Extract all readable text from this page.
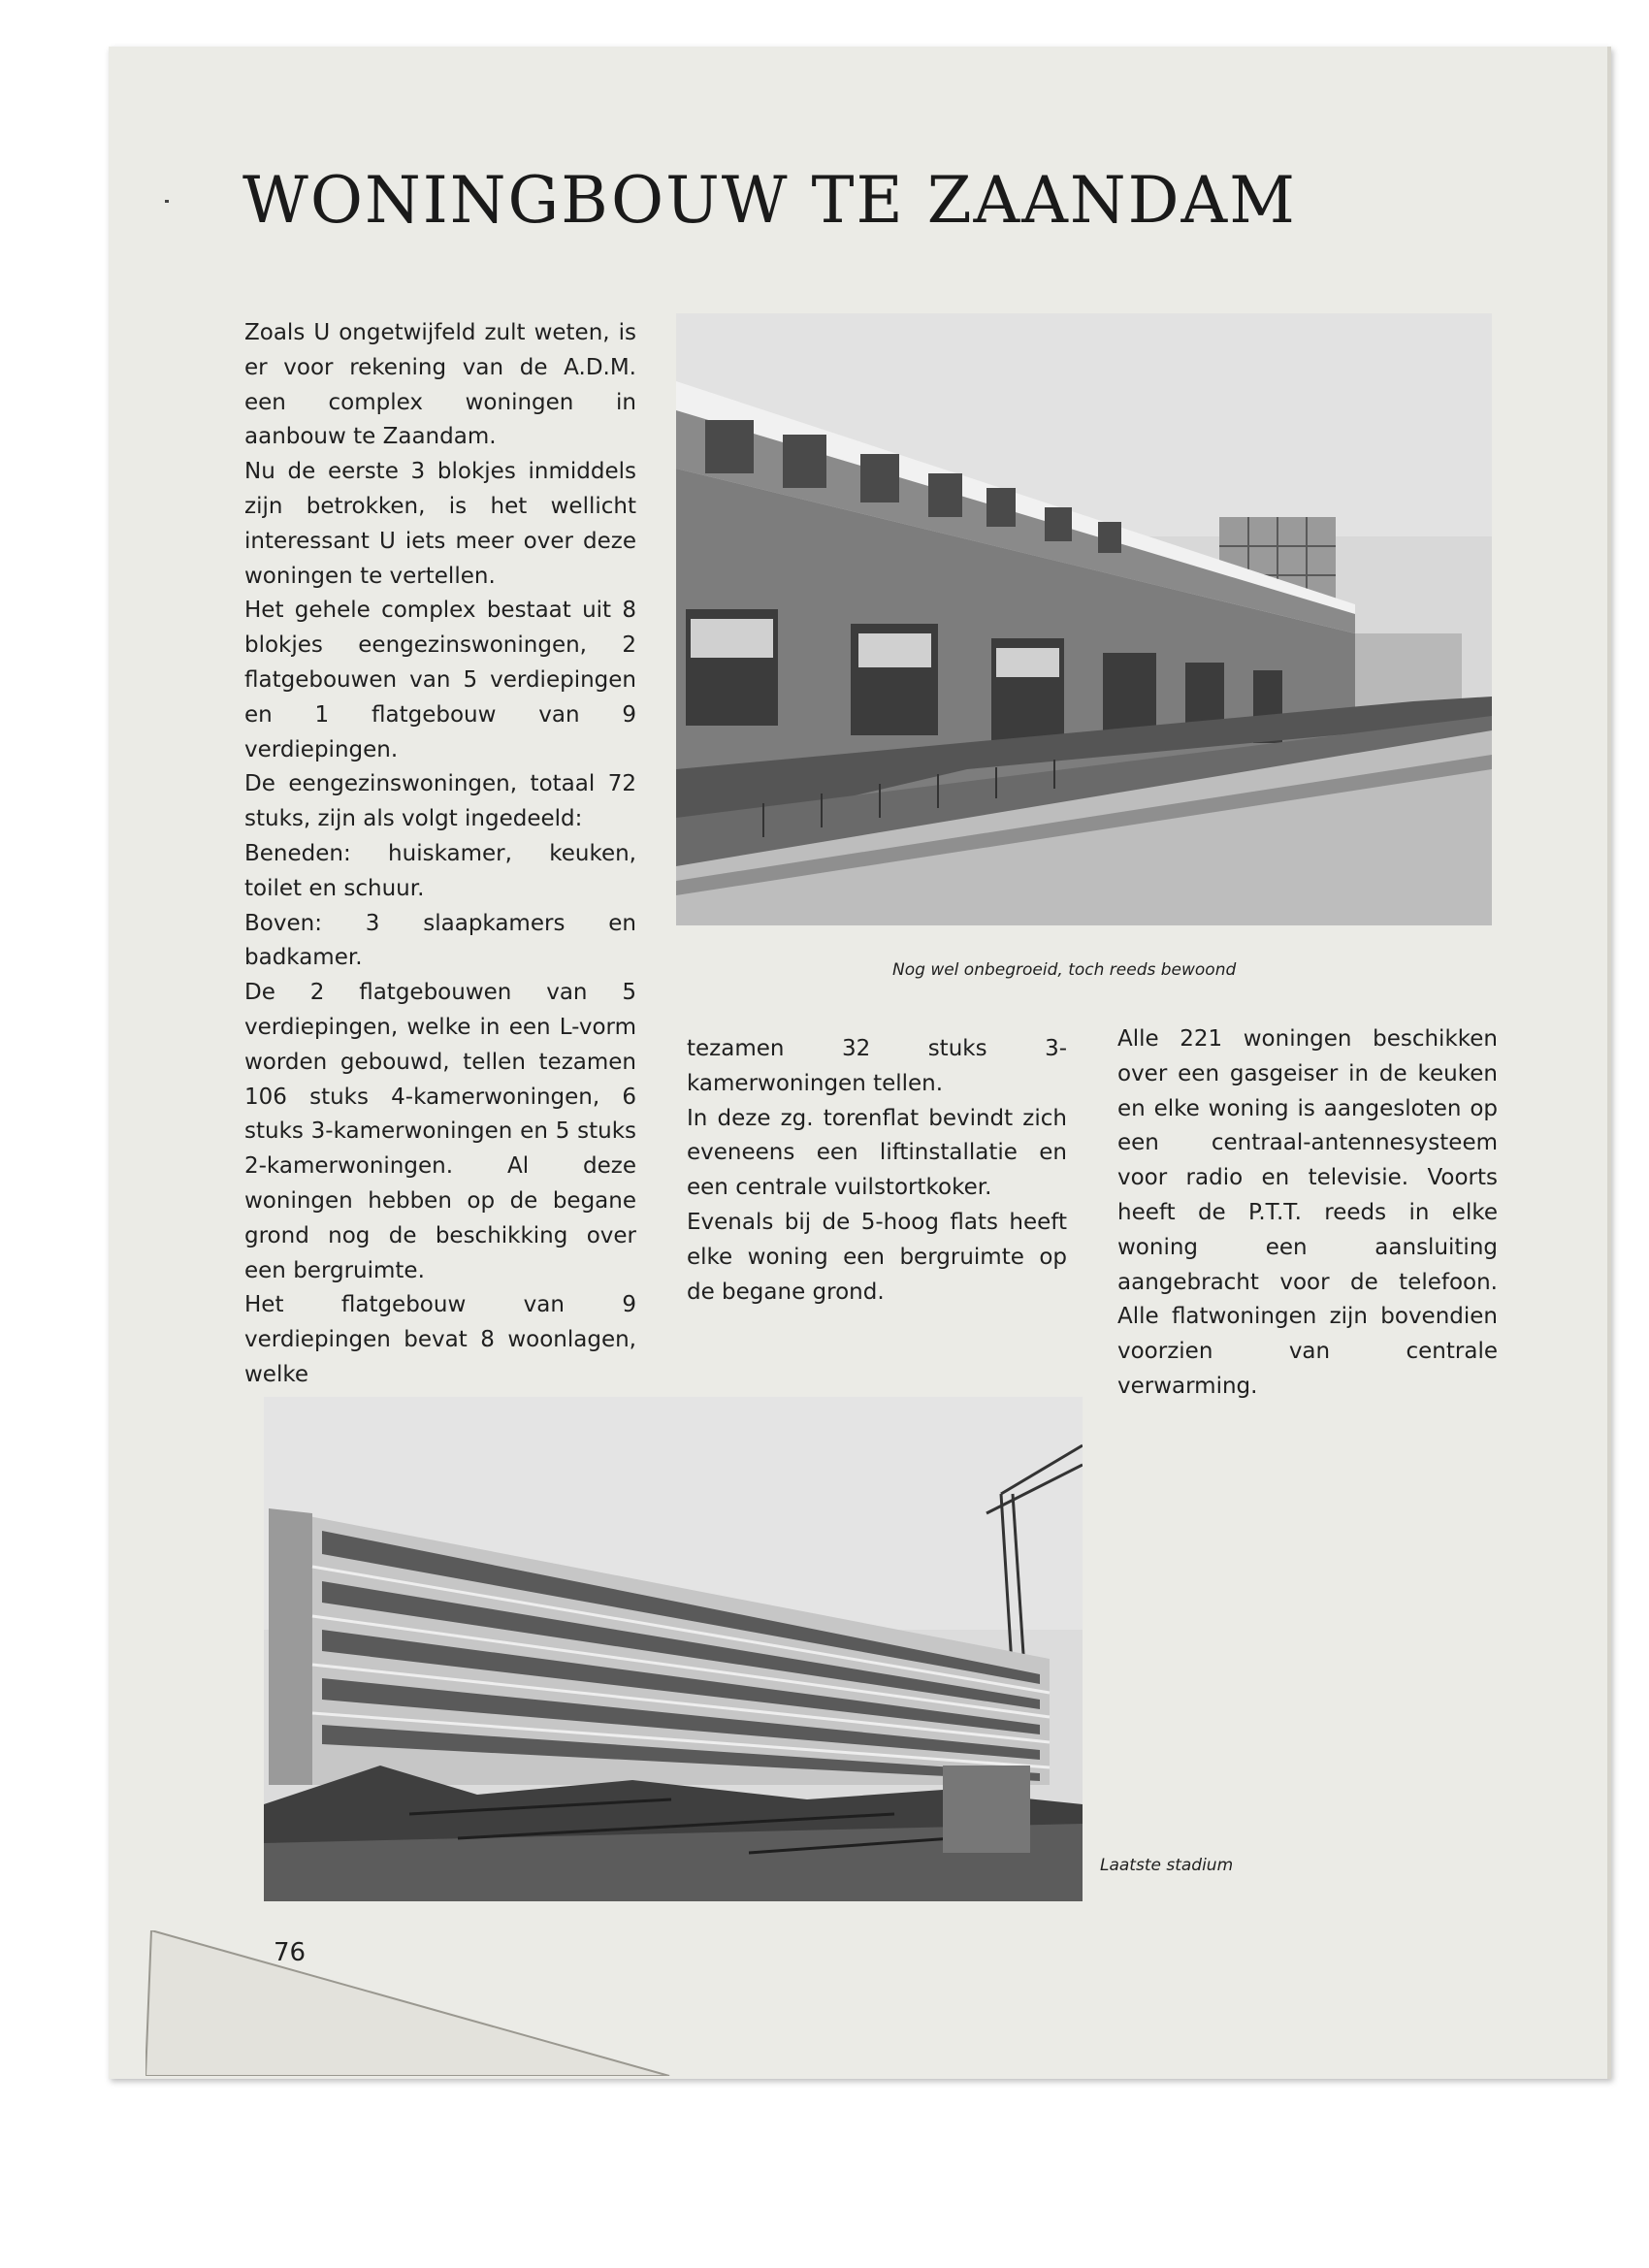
WONINGBOUW TE ZAANDAM

Zoals U ongetwijfeld zult weten, is er voor rekening van de A.D.M. een complex woningen in aanbouw te Zaandam.

Nu de eerste 3 blokjes inmiddels zijn betrokken, is het wellicht interessant U iets meer over deze woningen te vertellen.

Het gehele complex bestaat uit 8 blokjes eengezinswoningen, 2 flatgebouwen van 5 verdiepingen en 1 flatgebouw van 9 verdiepingen.

De eengezinswoningen, totaal 72 stuks, zijn als volgt ingedeeld:

Beneden: huiskamer, keuken, toilet en schuur.

Boven: 3 slaapkamers en badkamer.

De 2 flatgebouwen van 5 verdiepingen, welke in een L-vorm worden gebouwd, tellen tezamen 106 stuks 4-kamerwoningen, 6 stuks 3-kamerwoningen en 5 stuks 2-kamerwoningen. Al deze woningen hebben op de begane grond nog de beschikking over een bergruimte.

Het flatgebouw van 9 verdiepingen bevat 8 woonlagen, welke

Nog wel onbegroeid, toch reeds bewoond

tezamen 32 stuks 3-kamerwoningen tellen.

In deze zg. torenflat bevindt zich eveneens een liftinstallatie en een centrale vuilstortkoker.

Evenals bij de 5-hoog flats heeft elke woning een bergruimte op de begane grond.

Alle 221 woningen beschikken over een gasgeiser in de keuken en elke woning is aangesloten op een centraal-antennesysteem voor radio en televisie. Voorts heeft de P.T.T. reeds in elke woning een aansluiting aangebracht voor de telefoon. Alle flatwoningen zijn bovendien voorzien van centrale verwarming.

Laatste stadium
76
